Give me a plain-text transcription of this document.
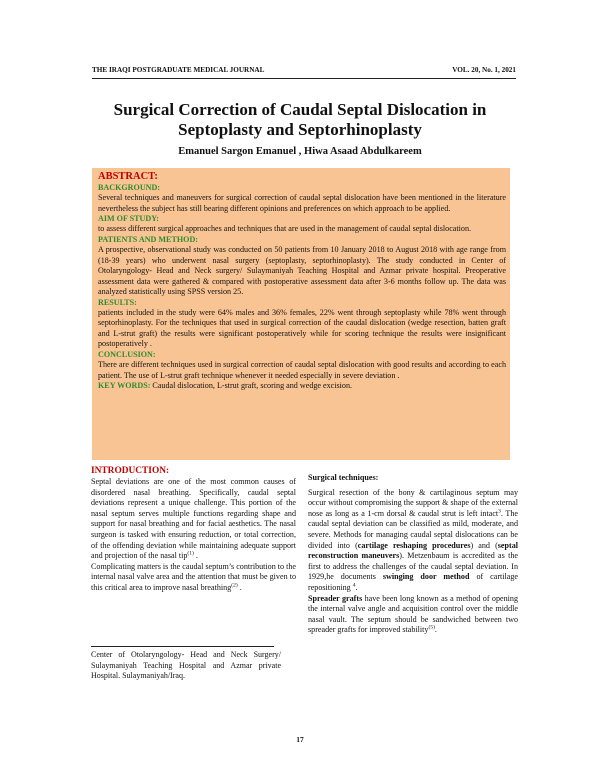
THE IRAQI POSTGRADUATE MEDICAL JOURNAL	VOL. 20, No. 1, 2021
Surgical Correction of Caudal Septal Dislocation in
Septoplasty and Septorhinoplasty
Emanuel Sargon Emanuel , Hiwa Asaad Abdulkareem
ABSTRACT:
BACKGROUND:

Several techniques and maneuvers for surgical correction of caudal septal dislocation have been mentioned in the literature nevertheless the subject has still bearing different opinions and preferences on which approach to be applied.

AIM OF STUDY:

to assess different surgical approaches and techniques that are used in the management of caudal septal dislocation.

PATIENTS AND METHOD:

A prospective, observational study was conducted on 50 patients from 10 January 2018 to August 2018 with age range from (18-39 years) who underwent nasal surgery (septoplasty, septorhinoplasty). The study conducted in Center of Otolaryngology- Head and Neck surgery/ Sulaymaniyah Teaching Hospital and Azmar private hospital. Preoperative assessment data were gathered & compared with postoperative assessment data after 3-6 months follow up. The data was analyzed statistically using SPSS version 25.

RESULTS:

patients included in the study were 64% males and 36% females, 22% went through septoplasty while 78% went through septorhinoplasty. For the techniques that used in surgical correction of the caudal dislocation (wedge resection, batten graft and L-strut graft) the results were significant postoperatively while for scoring technique the results were insignificant postoperatively .

CONCLUSION:

There are different techniques used in surgical correction of caudal septal dislocation with good results and according to each patient. The use of L-strut graft technique whenever it needed especially in severe deviation .

KEY WORDS: Caudal dislocation, L-strut graft, scoring and wedge excision.

INTRODUCTION:

Septal deviations are one of the most common causes of disordered nasal breathing. Specifically, caudal septal deviations represent a unique challenge. This portion of the nasal septum serves multiple functions regarding shape and support for nasal breathing and for facial aesthetics. The nasal surgeon is tasked with ensuring reduction, or total correction, of the offending deviation while maintaining adequate support and projection of the nasal tip$^{(1)}$ .

Complicating matters is the caudal septum’s contribution to the internal nasal valve area and the attention that must be given to this critical area to improve nasal breathing$^{(2)}$ .

Center of Otolaryngology- Head and Neck Surgery/ Sulaymaniyah Teaching Hospital and Azmar private Hospital. Sulaymaniyah/Iraq.

Surgical techniques:

Surgical resection of the bony & cartilaginous septum may occur without compromising the support & shape of the external nose as long as a 1-cm dorsal & caudal strut is left intact$^3$. The caudal septal deviation can be classified as mild, moderate, and severe. Methods for managing caudal septal dislocations can be divided into (cartilage reshaping procedures) and (septal reconstruction maneuvers). Metzenbaum is accredited as the first to address the challenges of the caudal septal deviation. In 1929,he documents swinging door method of cartilage repositioning $^4$.
Spreader grafts have been long known as a method of opening the internal valve angle and acquisition control over the middle nasal vault. The septum should be sandwiched between two spreader grafts for improved stability$^{(5)}$.

17
